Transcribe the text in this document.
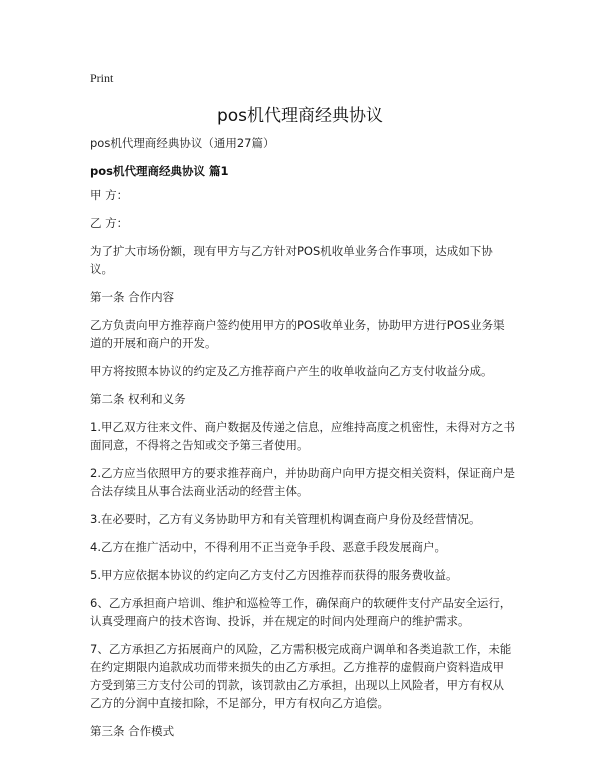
Print
pos机代理商经典协议
pos机代理商经典协议（通用27篇）
pos机代理商经典协议 篇1

甲 方：

乙 方：

为了扩大市场份额，现有甲方与乙方针对POS机收单业务合作事项，达成如下协议。

第一条 合作内容

乙方负责向甲方推荐商户签约使用甲方的POS收单业务，协助甲方进行POS业务渠道的开展和商户的开发。

甲方将按照本协议的约定及乙方推荐商户产生的收单收益向乙方支付收益分成。

第二条 权利和义务

1.甲乙双方往来文件、商户数据及传递之信息，应维持高度之机密性，未得对方之书面同意，不得将之告知或交予第三者使用。

2.乙方应当依照甲方的要求推荐商户，并协助商户向甲方提交相关资料，保证商户是合法存续且从事合法商业活动的经营主体。

3.在必要时，乙方有义务协助甲方和有关管理机构调查商户身份及经营情况。

4.乙方在推广活动中，不得利用不正当竞争手段、恶意手段发展商户。

5.甲方应依据本协议的约定向乙方支付乙方因推荐而获得的服务费收益。

6、乙方承担商户培训、维护和巡检等工作，确保商户的软硬件支付产品安全运行，认真受理商户的技术咨询、投诉，并在规定的时间内处理商户的维护需求。

7、乙方承担乙方拓展商户的风险，乙方需积极完成商户调单和各类追款工作，未能在约定期限内追款成功而带来损失的由乙方承担。乙方推荐的虚假商户资料造成甲方受到第三方支付公司的罚款，该罚款由乙方承担，出现以上风险者，甲方有权从乙方的分润中直接扣除，不足部分，甲方有权向乙方追偿。

第三条 合作模式
